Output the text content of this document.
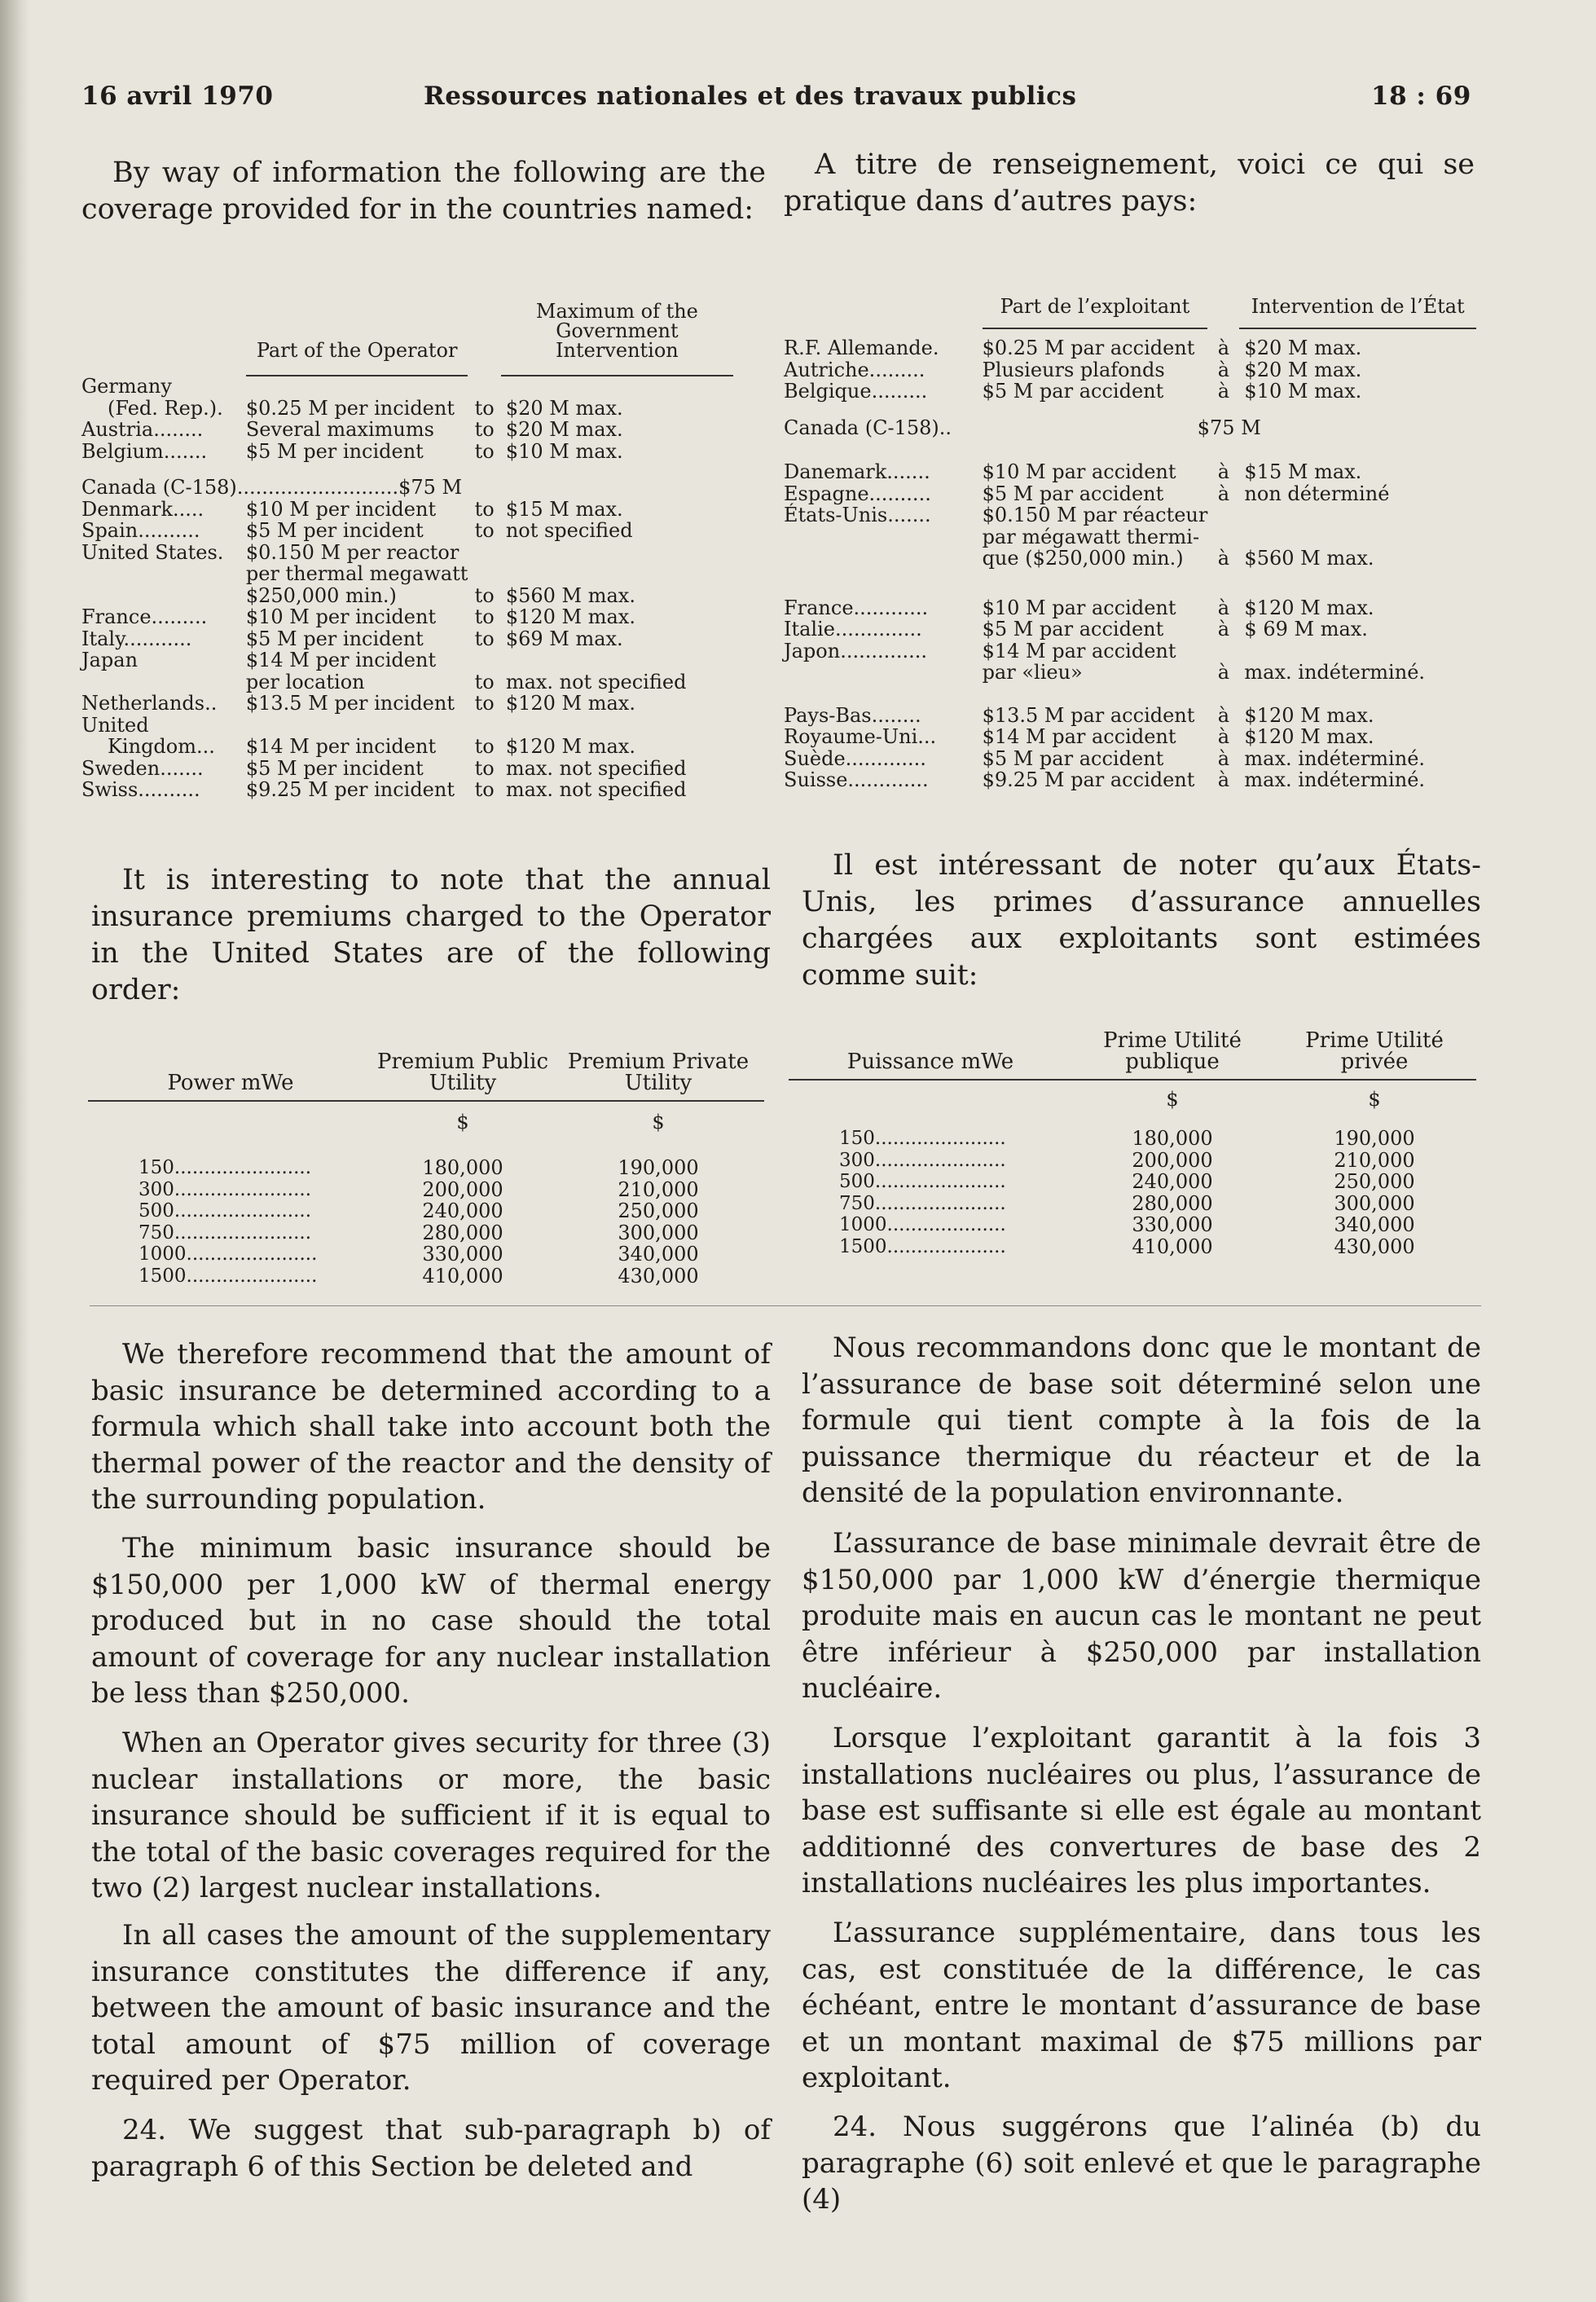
16 avril 1970	Ressources nationales et des travaux publics	18 : 69

By way of information the following are the coverage provided for in the countries named:

	Part of the Operator		Maximum of the Government Intervention

Germany			
(Fed. Rep.).	$0.25 M per incident	to	$20 M max.
Austria........	Several maximums	to	$20 M max.
Belgium.......	$5 M per incident	to	$10 M max.

Canada (C-158)..........................$75 M			
Denmark.....	$10 M per incident	to	$15 M max.
Spain..........	$5 M per incident	to	not specified
United States.	$0.150 M per reactor		
	per thermal megawatt		
	$250,000 min.)	to	$560 M max.
France.........	$10 M per incident	to	$120 M max.
Italy...........	$5 M per incident	to	$69 M max.
Japan	$14 M per incident		
	per location	to	max. not specified
Netherlands..	$13.5 M per incident	to	$120 M max.
United			
Kingdom...	$14 M per incident	to	$120 M max.
Sweden.......	$5 M per incident	to	max. not specified
Swiss..........	$9.25 M per incident	to	max. not specified

It is interesting to note that the annual insurance premiums charged to the Operator in the United States are of the following order:

Power mWe	Premium Public Utility	Premium Private Utility

	$	$

150.......................	180,000	190,000
300.......................	200,000	210,000
500.......................	240,000	250,000
750.......................	280,000	300,000
1000......................	330,000	340,000
1500......................	410,000	430,000

A titre de renseignement, voici ce qui se pratique dans d’autres pays:

	Part de l’exploitant		Intervention de l’État

R.F. Allemande.	$0.25 M par accident	à	$20 M max.
Autriche.........	Plusieurs plafonds	à	$20 M max.
Belgique.........	$5 M par accident	à	$10 M max.

Canada (C-158)..	$75 M		

Danemark.......	$10 M par accident	à	$15 M max.
Espagne..........	$5 M par accident	à	non déterminé
États-Unis.......	$0.150 M par réacteur		
	par mégawatt thermi-		
	que ($250,000 min.)	à	$560 M max.

France............	$10 M par accident	à	$120 M max.
Italie..............	$5 M par accident	à	$ 69 M max.
Japon..............	$14 M par accident		
	par «lieu»	à	max. indéterminé.

Pays-Bas........	$13.5 M par accident	à	$120 M max.
Royaume-Uni...	$14 M par accident	à	$120 M max.
Suède.............	$5 M par accident	à	max. indéterminé.
Suisse.............	$9.25 M par accident	à	max. indéterminé.

Il est intéressant de noter qu’aux États-Unis, les primes d’assurance annuelles chargées aux exploitants sont estimées comme suit:

Puissance mWe	Prime Utilité publique	Prime Utilité privée

	$	$

150......................	180,000	190,000
300......................	200,000	210,000
500......................	240,000	250,000
750......................	280,000	300,000
1000....................	330,000	340,000
1500....................	410,000	430,000

We therefore recommend that the amount of basic insurance be determined according to a formula which shall take into account both the thermal power of the reactor and the density of the surrounding population.

The minimum basic insurance should be $150,000 per 1,000 kW of thermal energy produced but in no case should the total amount of coverage for any nuclear installation be less than $250,000.

When an Operator gives security for three (3) nuclear installations or more, the basic insurance should be sufficient if it is equal to the total of the basic coverages required for the two (2) largest nuclear installations.

In all cases the amount of the supplementary insurance constitutes the difference if any, between the amount of basic insurance and the total amount of $75 million of coverage required per Operator.

24. We suggest that sub-paragraph b) of paragraph 6 of this Section be deleted and

Nous recommandons donc que le montant de l’assurance de base soit déterminé selon une formule qui tient compte à la fois de la puissance thermique du réacteur et de la densité de la population environnante.

L’assurance de base minimale devrait être de $150,000 par 1,000 kW d’énergie thermique produite mais en aucun cas le montant ne peut être inférieur à $250,000 par installation nucléaire.

Lorsque l’exploitant garantit à la fois 3 installations nucléaires ou plus, l’assurance de base est suffisante si elle est égale au montant additionné des convertures de base des 2 installations nucléaires les plus importantes.

L’assurance supplémentaire, dans tous les cas, est constituée de la différence, le cas échéant, entre le montant d’assurance de base et un montant maximal de $75 millions par exploitant.

24. Nous suggérons que l’alinéa (b) du paragraphe (6) soit enlevé et que le paragraphe (4)
